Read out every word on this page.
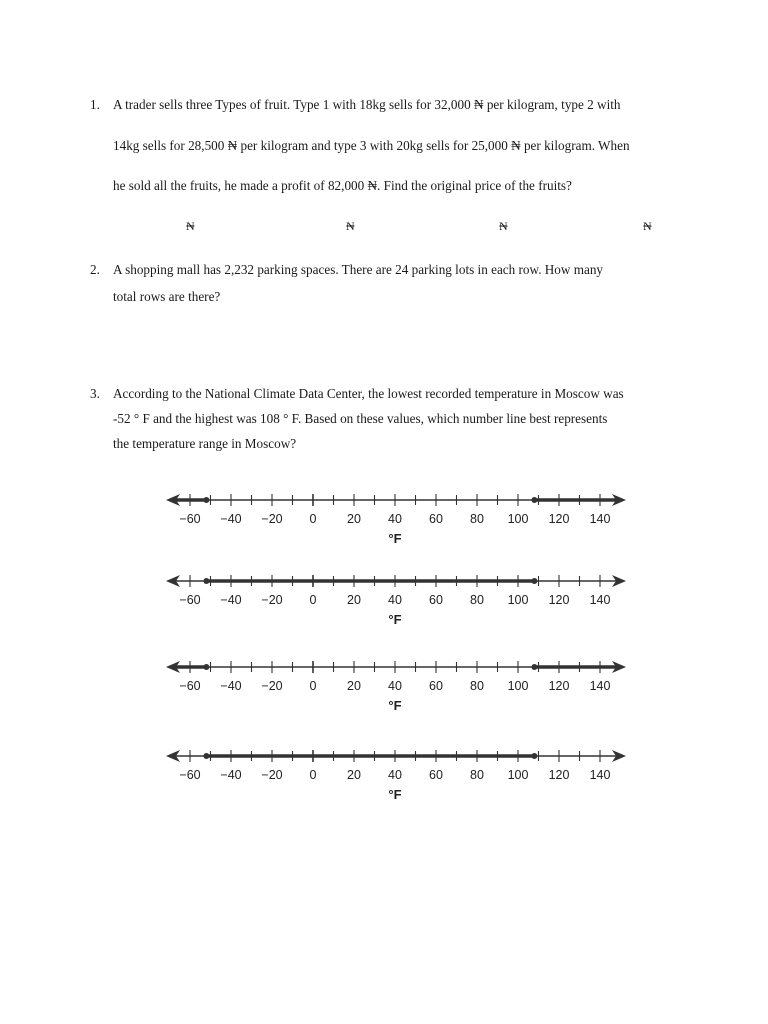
1. A trader sells three Types of fruit. Type 1 with 18kg sells for 32,000 ₦ per kilogram, type 2 with
14kg sells for 28,500 ₦ per kilogram and type 3 with 20kg sells for 25,000 ₦ per kilogram. When
he sold all the fruits, he made a profit of 82,000 ₦. Find the original price of the fruits?
₦	₦	₦	₦
2. A shopping mall has 2,232 parking spaces. There are 24 parking lots in each row. How many
total rows are there?
3. According to the National Climate Data Center, the lowest recorded temperature in Moscow was
-52 ° F and the highest was 108 ° F. Based on these values, which number line best represents
the temperature range in Moscow?
−60 −40 −20 0 20 40 60 80 100 120 140
°F
−60 −40 −20 0 20 40 60 80 100 120 140
°F
−60 −40 −20 0 20 40 60 80 100 120 140
°F
−60 −40 −20 0 20 40 60 80 100 120 140
°F
